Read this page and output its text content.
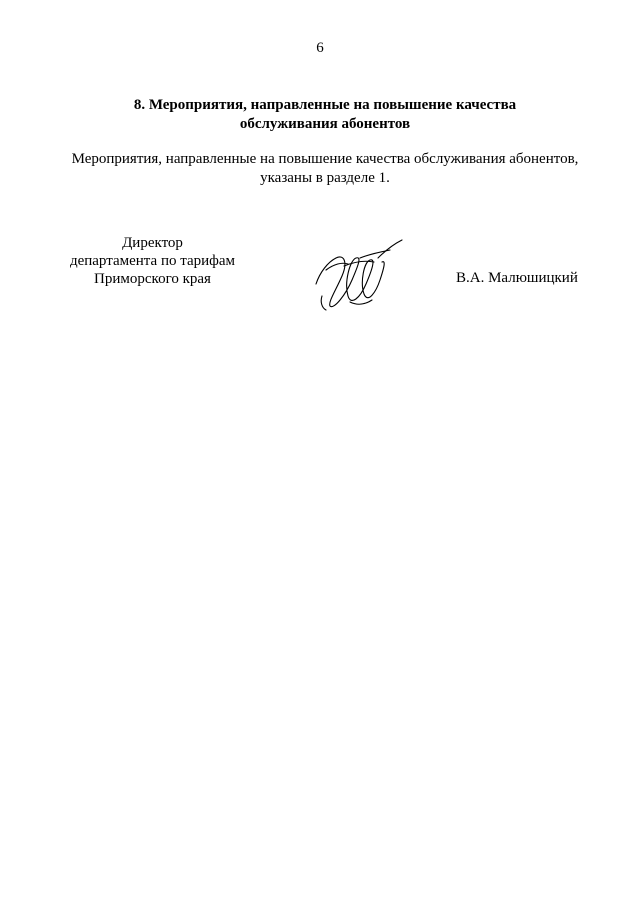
6
8. Мероприятия, направленные на повышение качества
обслуживания абонентов
Мероприятия, направленные на повышение качества обслуживания абонентов,
указаны в разделе 1.
Директор
департамента по тарифам
Приморского края	В.А. Малюшицкий
